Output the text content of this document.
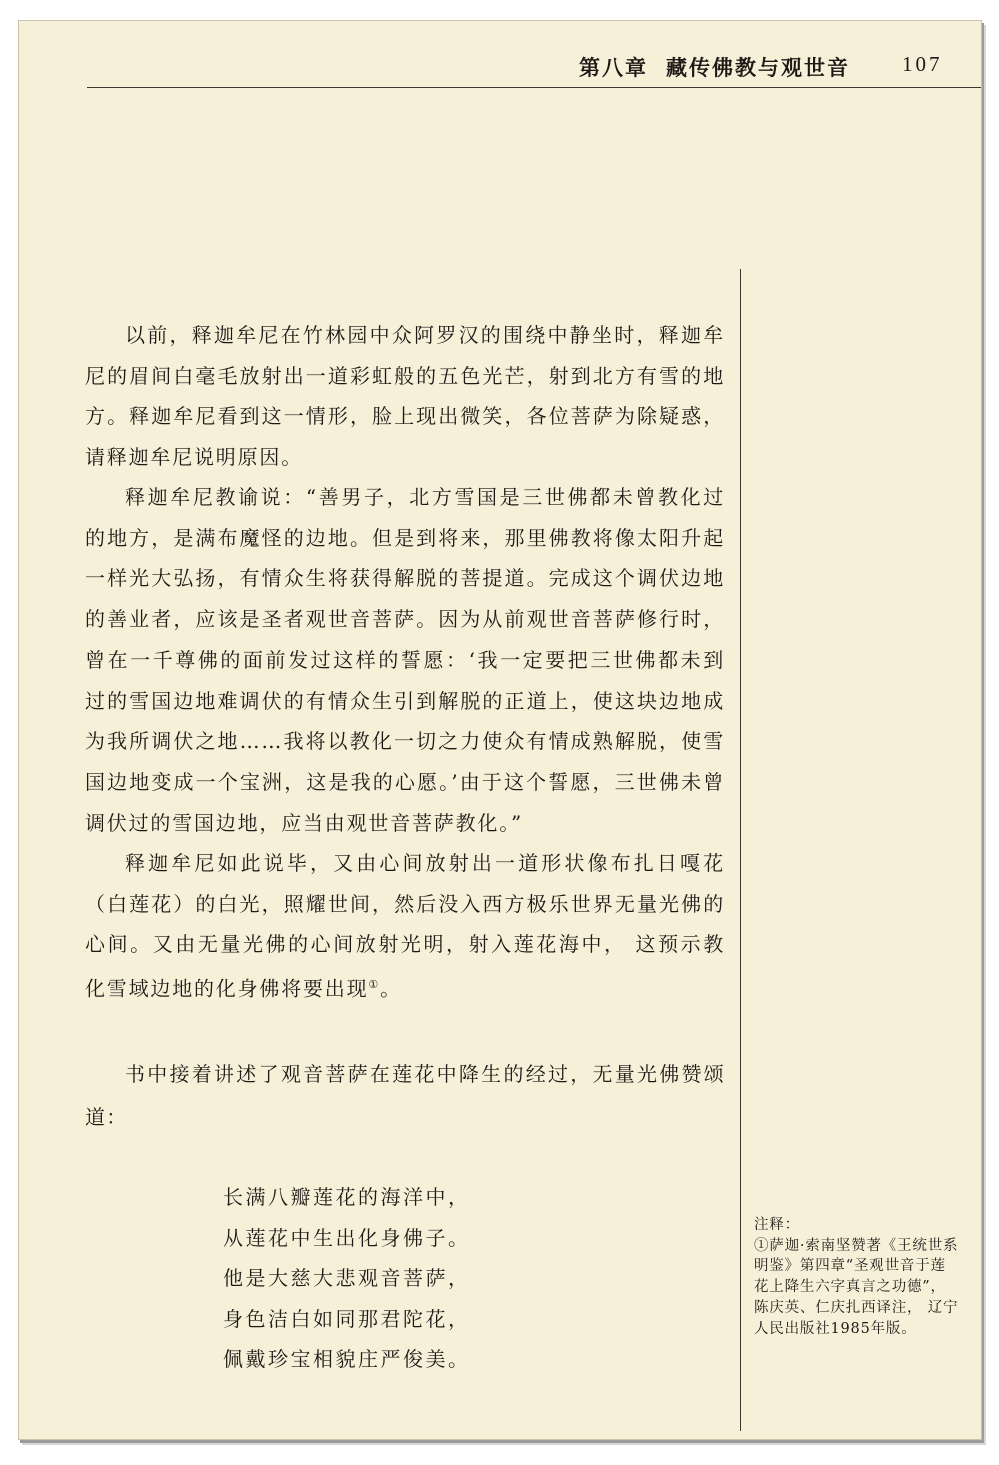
第八章 藏传佛教与观世音 107

以前，释迦牟尼在竹林园中众阿罗汉的围绕中静坐时，释迦牟尼的眉间白毫毛放射出一道彩虹般的五色光芒，射到北方有雪的地方。释迦牟尼看到这一情形，脸上现出微笑，各位菩萨为除疑惑，请释迦牟尼说明原因。

释迦牟尼教谕说：“善男子，北方雪国是三世佛都未曾教化过的地方，是满布魔怪的边地。但是到将来，那里佛教将像太阳升起一样光大弘扬，有情众生将获得解脱的菩提道。完成这个调伏边地的善业者，应该是圣者观世音菩萨。因为从前观世音菩萨修行时，曾在一千尊佛的面前发过这样的誓愿：‘我一定要把三世佛都未到过的雪国边地难调伏的有情众生引到解脱的正道上，使这块边地成为我所调伏之地……我将以教化一切之力使众有情成熟解脱，使雪国边地变成一个宝洲，这是我的心愿。’由于这个誓愿，三世佛未曾调伏过的雪国边地，应当由观世音菩萨教化。”

释迦牟尼如此说毕，又由心间放射出一道形状像布扎日嘎花（白莲花）的白光，照耀世间，然后没入西方极乐世界无量光佛的心间。又由无量光佛的心间放射光明，射入莲花海中， 这预示教化雪域边地的化身佛将要出现①。

书中接着讲述了观音菩萨在莲花中降生的经过，无量光佛赞颂道：

长满八瓣莲花的海洋中，
从莲花中生出化身佛子。
他是大慈大悲观音菩萨，
身色洁白如同那君陀花，
佩戴珍宝相貌庄严俊美。
注释：
①萨迦·索南坚赞著《王统世系明鉴》第四章“圣观世音于莲花上降生六字真言之功德”，陈庆英、仁庆扎西译注， 辽宁人民出版社1985年版。
